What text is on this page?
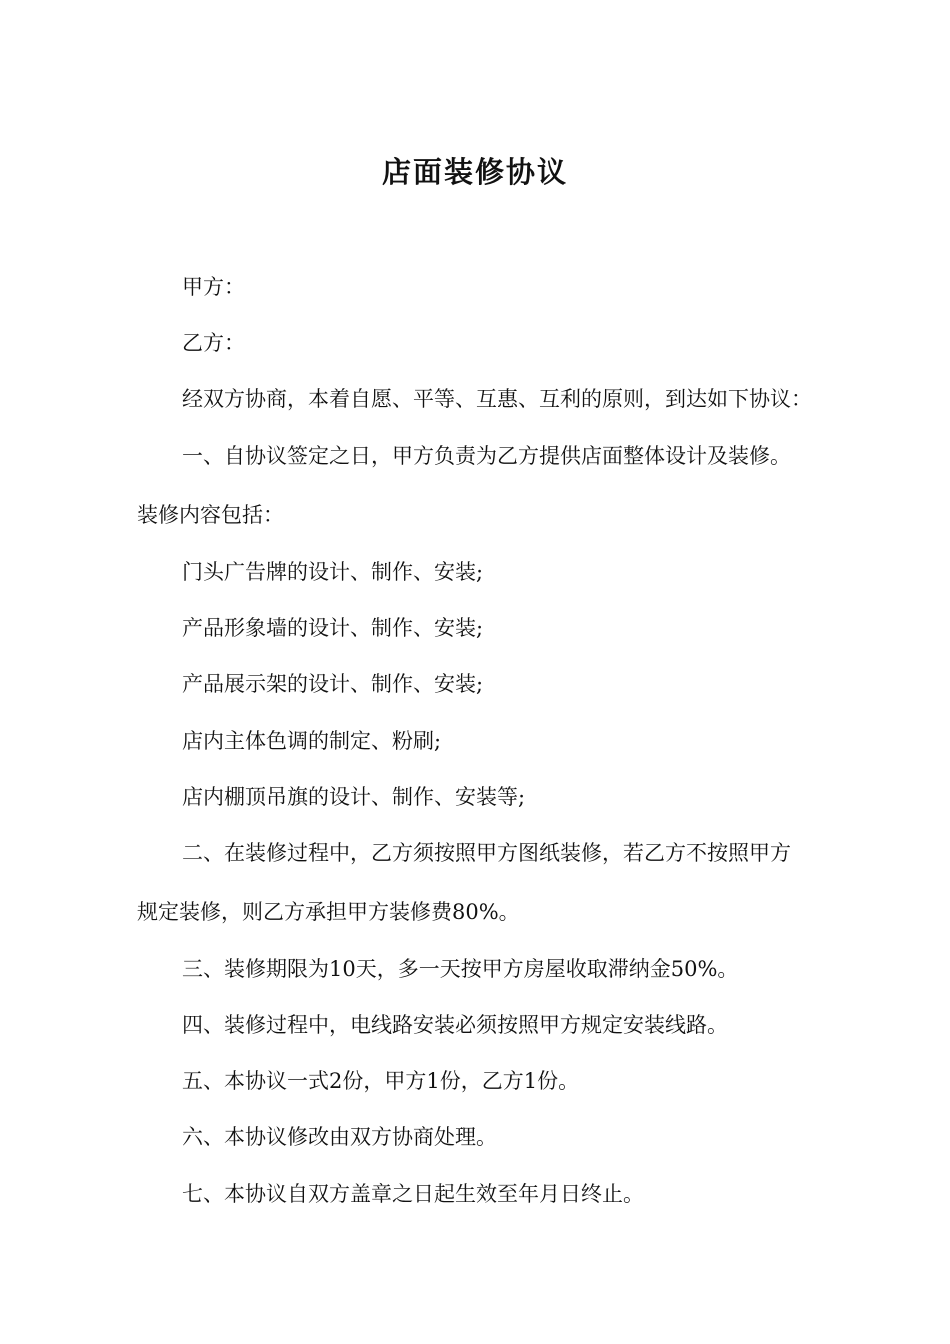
店面装修协议
甲方：
乙方：
经双方协商，本着自愿、平等、互惠、互利的原则，到达如下协议：
一、自协议签定之日，甲方负责为乙方提供店面整体设计及装修。
装修内容包括：
门头广告牌的设计、制作、安装;
产品形象墙的设计、制作、安装;
产品展示架的设计、制作、安装;
店内主体色调的制定、粉刷;
店内棚顶吊旗的设计、制作、安装等;
二、在装修过程中，乙方须按照甲方图纸装修，若乙方不按照甲方
规定装修，则乙方承担甲方装修费80%。
三、装修期限为10天，多一天按甲方房屋收取滞纳金50%。
四、装修过程中，电线路安装必须按照甲方规定安装线路。
五、本协议一式2份，甲方1份，乙方1份。
六、本协议修改由双方协商处理。
七、本协议自双方盖章之日起生效至年月日终止。
